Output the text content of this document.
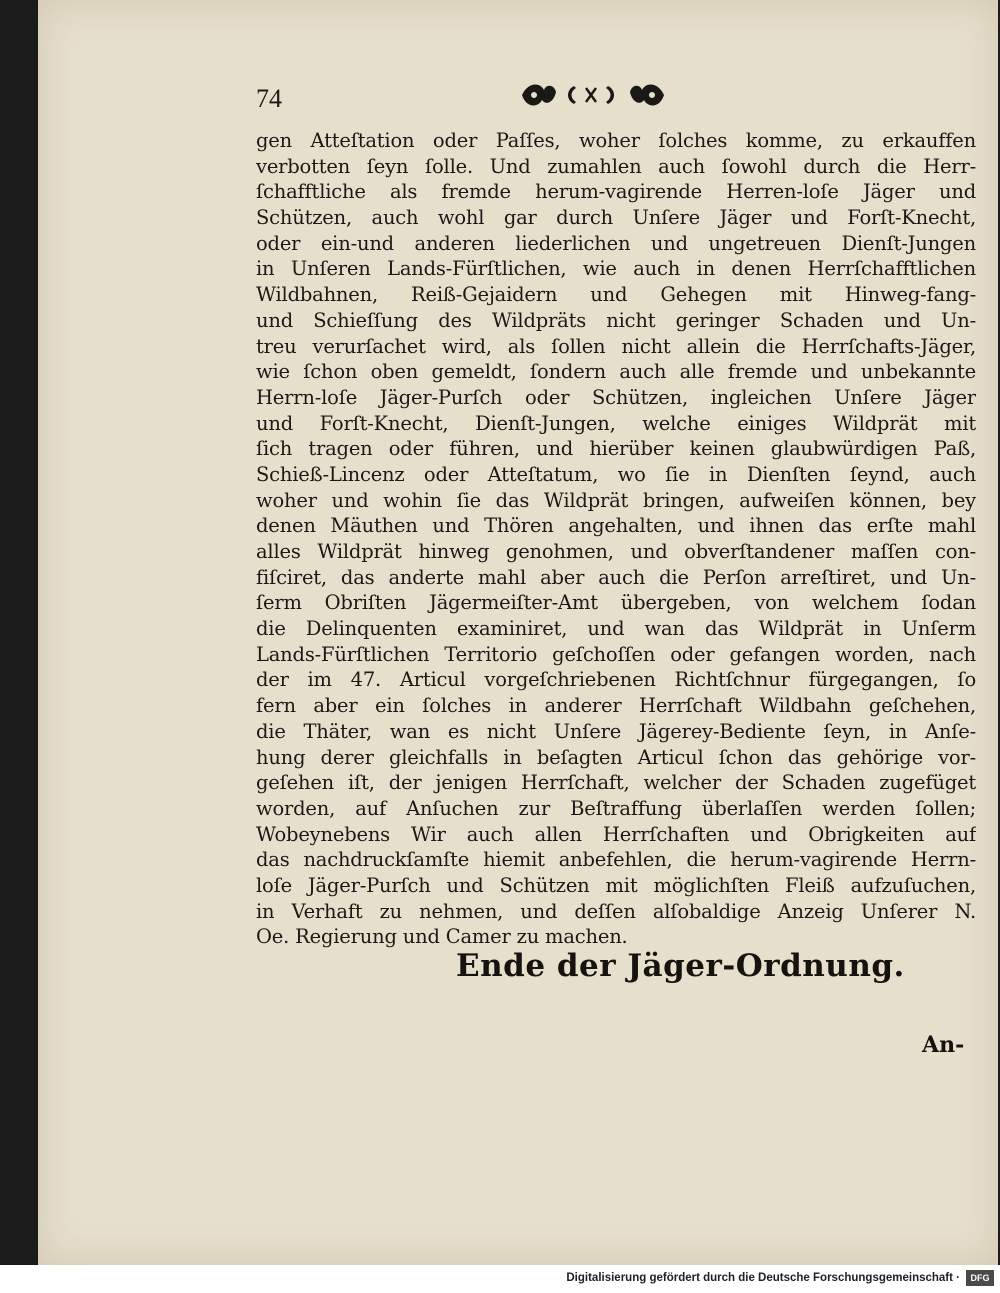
74
gen Atteſtation oder Paſſes, woher ſolches komme, zu erkauffen
verbotten ſeyn ſolle. Und zumahlen auch ſowohl durch die Herr-
ſchafftliche als fremde herum-vagirende Herren-loſe Jäger und
Schützen, auch wohl gar durch Unſere Jäger und Forſt-Knecht,
oder ein-und anderen liederlichen und ungetreuen Dienſt-Jungen
in Unſeren Lands-Fürſtlichen, wie auch in denen Herrſchafftlichen
Wildbahnen, Reiß-Gejaidern und Gehegen mit Hinweg-fang-
und Schieſſung des Wildpräts nicht geringer Schaden und Un-
treu verurſachet wird, als ſollen nicht allein die Herrſchafts-Jäger,
wie ſchon oben gemeldt, ſondern auch alle fremde und unbekannte
Herrn-loſe Jäger-Purſch oder Schützen, ingleichen Unſere Jäger
und Forſt-Knecht, Dienſt-Jungen, welche einiges Wildprät mit
ſich tragen oder führen, und hierüber keinen glaubwürdigen Paß,
Schieß-Lincenz oder Atteſtatum, wo ſie in Dienſten ſeynd, auch
woher und wohin ſie das Wildprät bringen, aufweiſen können, bey
denen Mäuthen und Thören angehalten, und ihnen das erſte mahl
alles Wildprät hinweg genohmen, und obverſtandener maſſen con-
fiſciret, das anderte mahl aber auch die Perſon arreſtiret, und Un-
ſerm Obriſten Jägermeiſter-Amt übergeben, von welchem ſodan
die Delinquenten examiniret, und wan das Wildprät in Unſerm
Lands-Fürſtlichen Territorio geſchoſſen oder gefangen worden, nach
der im 47. Articul vorgeſchriebenen Richtſchnur fürgegangen, ſo
fern aber ein ſolches in anderer Herrſchaft Wildbahn geſchehen,
die Thäter, wan es nicht Unſere Jägerey-Bediente ſeyn, in Anſe-
hung derer gleichfalls in beſagten Articul ſchon das gehörige vor-
geſehen iſt, der jenigen Herrſchaft, welcher der Schaden zugefüget
worden, auf Anſuchen zur Beſtraffung überlaſſen werden ſollen;
Wobeynebens Wir auch allen Herrſchaften und Obrigkeiten auf
das nachdruckſamſte hiemit anbefehlen, die herum-vagirende Herrn-
loſe Jäger-Purſch und Schützen mit möglichſten Fleiß aufzuſuchen,
in Verhaft zu nehmen, und deſſen alſobaldige Anzeig Unſerer N.
Oe. Regierung und Camer zu machen.
Ende der Jäger-Ordnung.
An-
Digitalisierung gefördert durch die Deutsche Forschungsgemeinschaft ·	DFG
